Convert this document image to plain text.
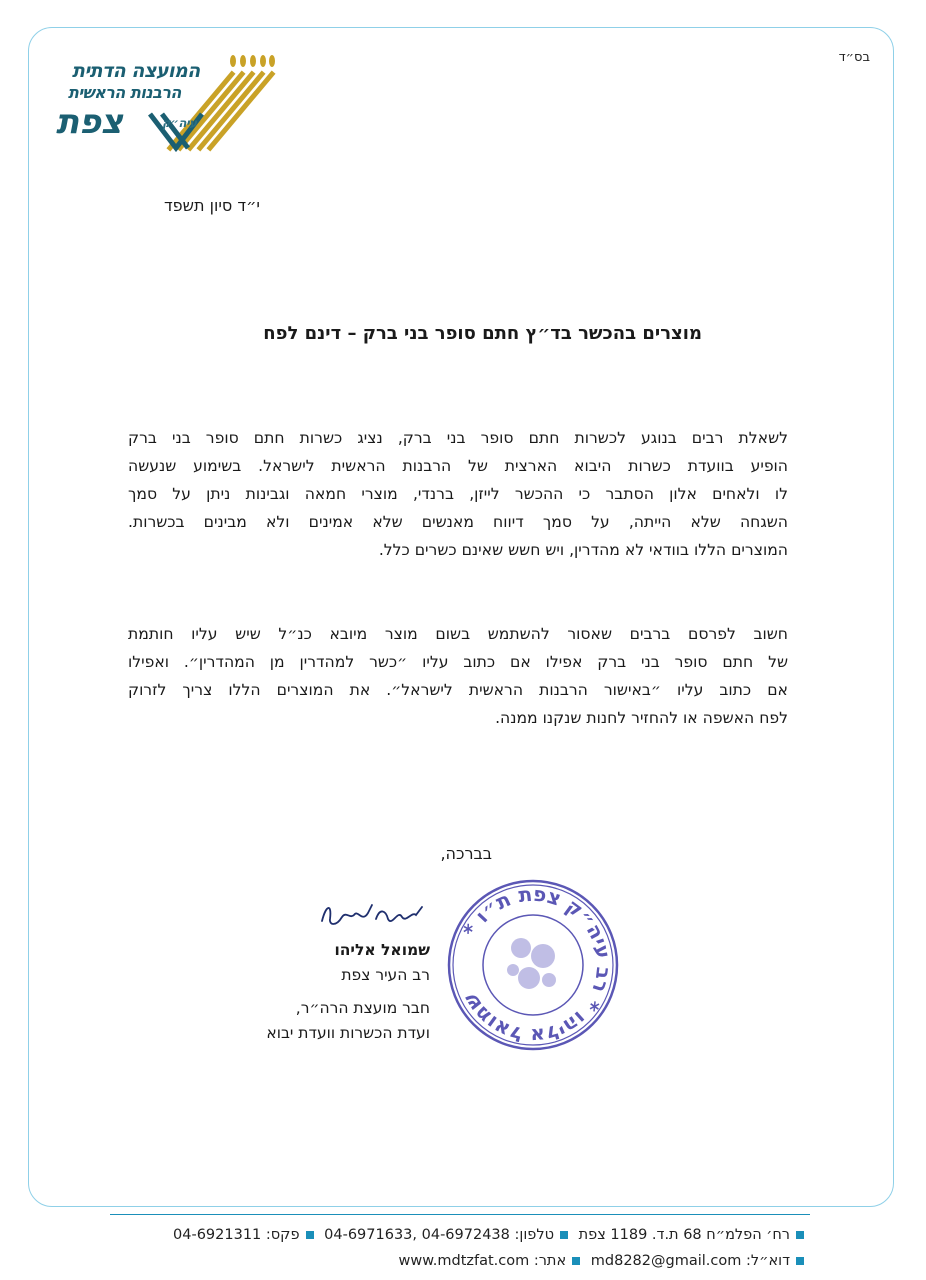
בס״ד
המועצה הדתית
הרבנות הראשית
צפת	עיה״ק
י״ד סיון תשפד
מוצרים בהכשר בד״ץ חתם סופר בני ברק – דינם לפח
לשאלת רבים בנוגע לכשרות חתם סופר בני ברק, נציג כשרות חתם סופר בני ברק
הופיע בוועדת כשרות היבוא הארצית של הרבנות הראשית לישראל. בשימוע שנעשה
לו ולאחים אלון הסתבר כי ההכשר לייזן, ברנדי, מוצרי חמאה וגבינות ניתן על סמך
השגחה שלא הייתה, על סמך דיווח מאנשים שלא אמינים ולא מבינים בכשרות.
המוצרים הללו בוודאי לא מהדרין, ויש חשש שאינם כשרים כלל.
חשוב לפרסם ברבים שאסור להשתמש בשום מוצר מיובא כנ״ל שיש עליו חותמת
של חתם סופר בני ברק אפילו אם כתוב עליו ״כשר למהדרין מן המהדרין״. ואפילו
אם כתוב עליו ״באישור הרבנות הראשית לישראל״. את המוצרים הללו צריך לזרוק
לפח האשפה או להחזיר לחנות שנקנו ממנה.
בברכה,
שמואל אליהו
רב העיר צפת
חבר מועצת הרה״ר,
ועדת הכשרות וועדת יבוא
שמואל אליהו * רב עיה״ק צפת ת״ו *
רח׳ הפלמ״ח 68 ת.ד. 1189 צפת טלפון: 04-6971633, 04-6972438 פקס: 04-6921311
דוא״ל: md8282@gmail.com אתר: www.mdtzfat.com
